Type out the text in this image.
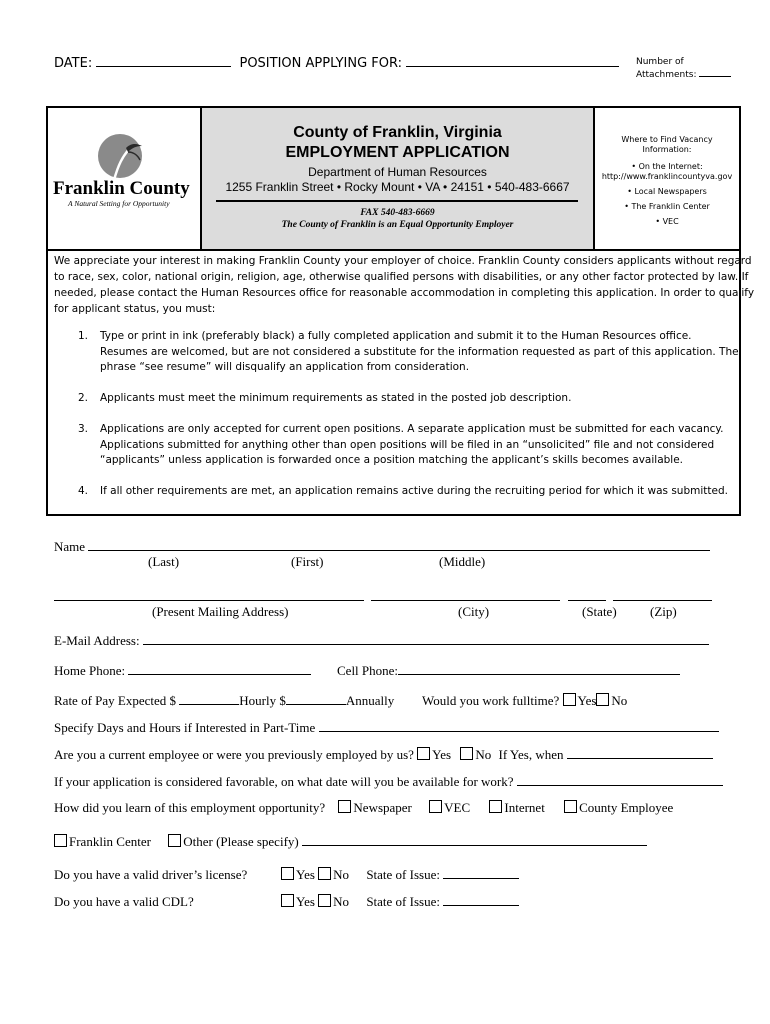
DATE:	POSITION APPLYING FOR:	Number of
Attachments:
Franklin County
A Natural Setting for Opportunity
County of Franklin, Virginia
EMPLOYMENT APPLICATION
Department of Human Resources
1255 Franklin Street • Rocky Mount • VA • 24151 • 540-483-6667
FAX 540-483-6669
The County of Franklin is an Equal Opportunity Employer
Where to Find Vacancy
Information:
• On the Internet:
http://www.franklincountyva.gov
• Local Newspapers
• The Franklin Center
• VEC
We appreciate your interest in making Franklin County your employer of choice. Franklin County considers applicants without regard
to race, sex, color, national origin, religion, age, otherwise qualified persons with disabilities, or any other factor protected by law. If
needed, please contact the Human Resources office for reasonable accommodation in completing this application. In order to qualify
for applicant status, you must:
1. Type or print in ink (preferably black) a fully completed application and submit it to the Human Resources office. Resumes are welcomed, but are not considered a substitute for the information requested as part of this application. The phrase “see resume” will disqualify an application from consideration.
2. Applicants must meet the minimum requirements as stated in the posted job description.
3. Applications are only accepted for current open positions. A separate application must be submitted for each vacancy. Applications submitted for anything other than open positions will be filed in an “unsolicited” file and not considered “applicants” unless application is forwarded once a position matching the applicant’s skills becomes available.
4. If all other requirements are met, an application remains active during the recruiting period for which it was submitted.
Name
(Last)	(First)	(Middle)
(Present Mailing Address)	(City)	(State)	(Zip)
E-Mail Address:
Home Phone:	Cell Phone:
Rate of Pay Expected $	Hourly $	Annually Would you work fulltime? Yes No
Specify Days and Hours if Interested in Part-Time
Are you a current employee or were you previously employed by us? Yes No If Yes, when
If your application is considered favorable, on what date will you be available for work?
How did you learn of this employment opportunity? Newspaper VEC	Internet	County Employee
Franklin Center Other (Please specify)
Do you have a valid driver’s license?	Yes No State of Issue:
Do you have a valid CDL?	Yes No State of Issue:
